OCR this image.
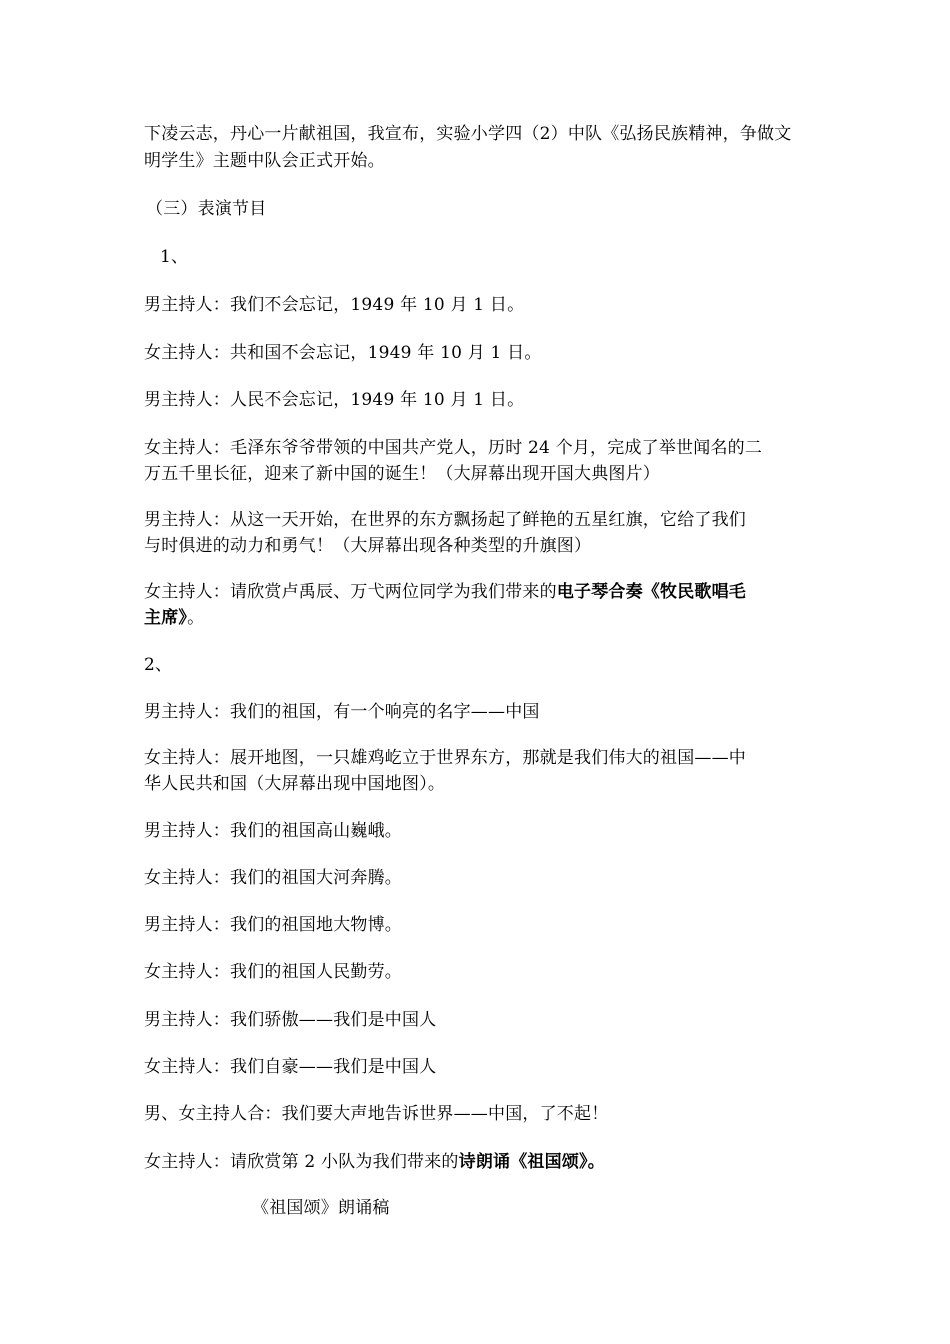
下凌云志，丹心一片献祖国，我宣布，实验小学四（2）中队《弘扬民族精神，争做文
明学生》主题中队会正式开始。
（三）表演节目
1、
男主持人：我们不会忘记，1949 年 10 月 1 日。
女主持人：共和国不会忘记，1949 年 10 月 1 日。
男主持人：人民不会忘记，1949 年 10 月 1 日。
女主持人：毛泽东爷爷带领的中国共产党人，历时 24 个月，完成了举世闻名的二
万五千里长征，迎来了新中国的诞生！（大屏幕出现开国大典图片）
男主持人：从这一天开始，在世界的东方飘扬起了鲜艳的五星红旗，它给了我们
与时俱进的动力和勇气！（大屏幕出现各种类型的升旗图）
女主持人：请欣赏卢禹辰、万弋两位同学为我们带来的电子琴合奏《牧民歌唱毛
主席》。
2、
男主持人：我们的祖国，有一个响亮的名字——中国
女主持人：展开地图，一只雄鸡屹立于世界东方，那就是我们伟大的祖国——中
华人民共和国（大屏幕出现中国地图）。
男主持人：我们的祖国高山巍峨。
女主持人：我们的祖国大河奔腾。
男主持人：我们的祖国地大物博。
女主持人：我们的祖国人民勤劳。
男主持人：我们骄傲——我们是中国人
女主持人：我们自豪——我们是中国人
男、女主持人合：我们要大声地告诉世界——中国，了不起！
女主持人：请欣赏第 2 小队为我们带来的诗朗诵《祖国颂》。
《祖国颂》朗诵稿
